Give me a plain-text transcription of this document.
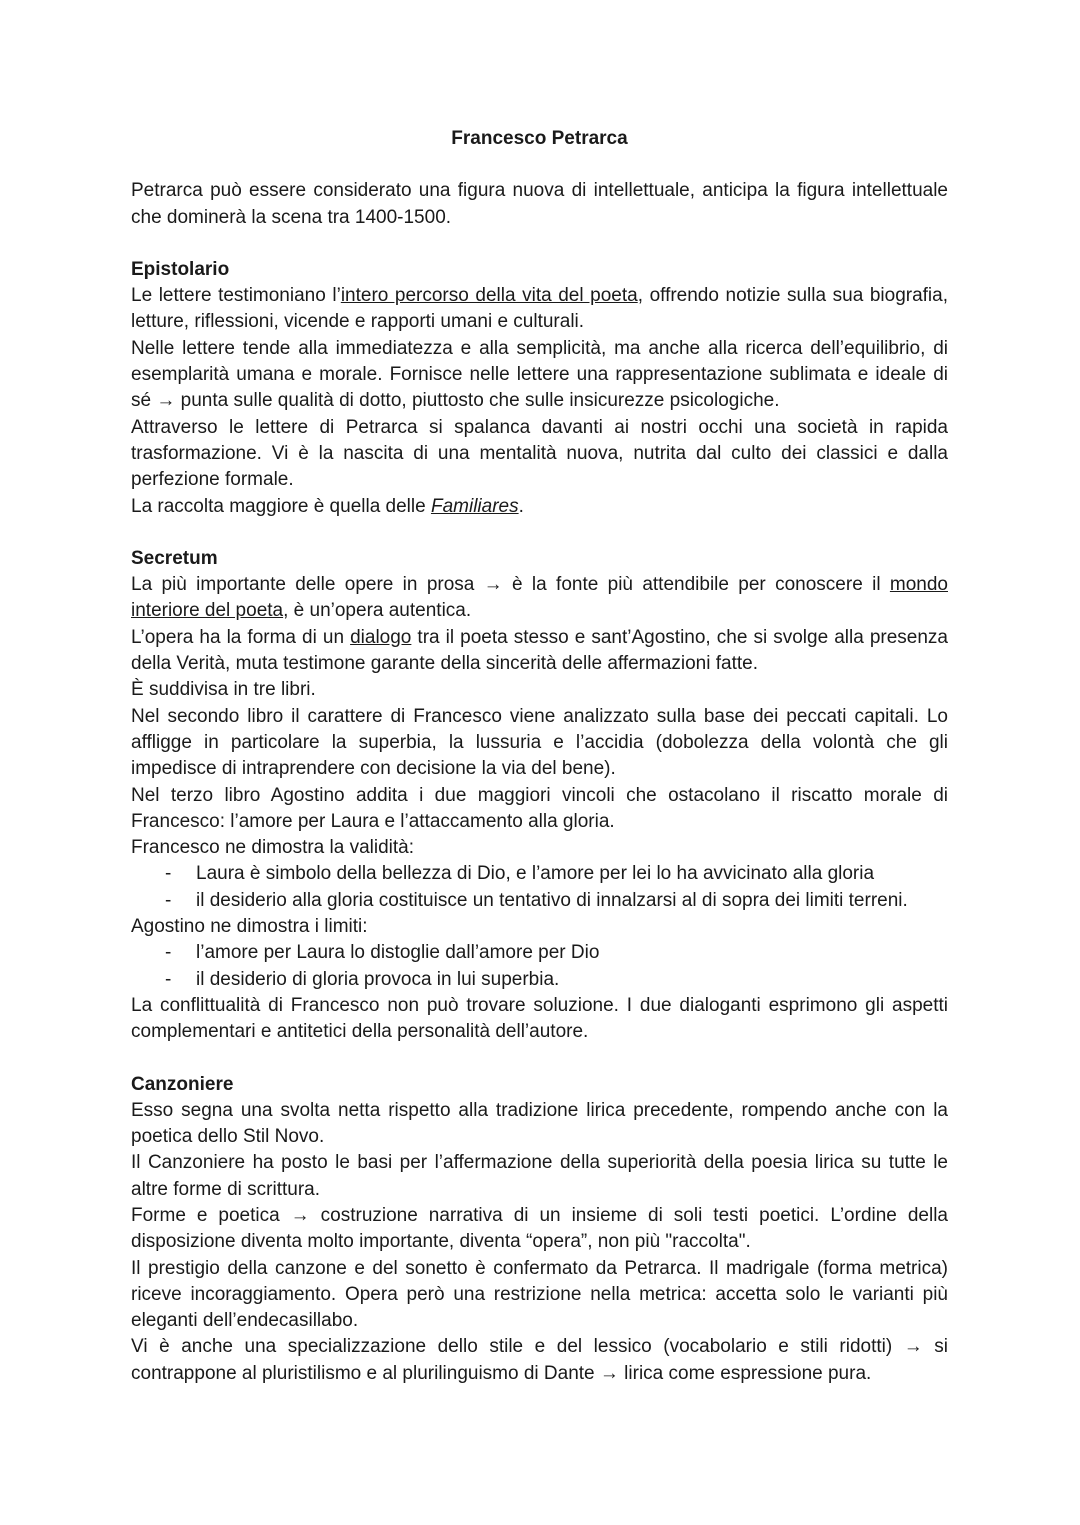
Francesco Petrarca

Petrarca può essere considerato una figura nuova di intellettuale, anticipa la figura intellettuale che dominerà la scena tra 1400-1500.

Epistolario

Le lettere testimoniano l’intero percorso della vita del poeta, offrendo notizie sulla sua biografia, letture, riflessioni, vicende e rapporti umani e culturali.

Nelle lettere tende alla immediatezza e alla semplicità, ma anche alla ricerca dell’equilibrio, di esemplarità umana e morale. Fornisce nelle lettere una rappresentazione sublimata e ideale di sé → punta sulle qualità di dotto, piuttosto che sulle insicurezze psicologiche.

Attraverso le lettere di Petrarca si spalanca davanti ai nostri occhi una società in rapida trasformazione. Vi è la nascita di una mentalità nuova, nutrita dal culto dei classici e dalla perfezione formale.

La raccolta maggiore è quella delle Familiares.

Secretum

La più importante delle opere in prosa → è la fonte più attendibile per conoscere il mondo interiore del poeta, è un’opera autentica.

L’opera ha la forma di un dialogo tra il poeta stesso e sant’Agostino, che si svolge alla presenza della Verità, muta testimone garante della sincerità delle affermazioni fatte.

È suddivisa in tre libri.

Nel secondo libro il carattere di Francesco viene analizzato sulla base dei peccati capitali. Lo affligge in particolare la superbia, la lussuria e l’accidia (dobolezza della volontà che gli impedisce di intraprendere con decisione la via del bene).

Nel terzo libro Agostino addita i due maggiori vincoli che ostacolano il riscatto morale di Francesco: l’amore per Laura e l’attaccamento alla gloria.

Francesco ne dimostra la validità:

- Laura è simbolo della bellezza di Dio, e l’amore per lei lo ha avvicinato alla gloria
- il desiderio alla gloria costituisce un tentativo di innalzarsi al di sopra dei limiti terreni.

Agostino ne dimostra i limiti:

- l’amore per Laura lo distoglie dall’amore per Dio
- il desiderio di gloria provoca in lui superbia.

La conflittualità di Francesco non può trovare soluzione. I due dialoganti esprimono gli aspetti complementari e antitetici della personalità dell’autore.

Canzoniere

Esso segna una svolta netta rispetto alla tradizione lirica precedente, rompendo anche con la poetica dello Stil Novo.

Il Canzoniere ha posto le basi per l’affermazione della superiorità della poesia lirica su tutte le altre forme di scrittura.

Forme e poetica → costruzione narrativa di un insieme di soli testi poetici. L’ordine della disposizione diventa molto importante, diventa “opera”, non più "raccolta".

Il prestigio della canzone e del sonetto è confermato da Petrarca. Il madrigale (forma metrica) riceve incoraggiamento. Opera però una restrizione nella metrica: accetta solo le varianti più eleganti dell’endecasillabo.

Vi è anche una specializzazione dello stile e del lessico (vocabolario e stili ridotti) → si contrappone al pluristilismo e al plurilinguismo di Dante → lirica come espressione pura.
